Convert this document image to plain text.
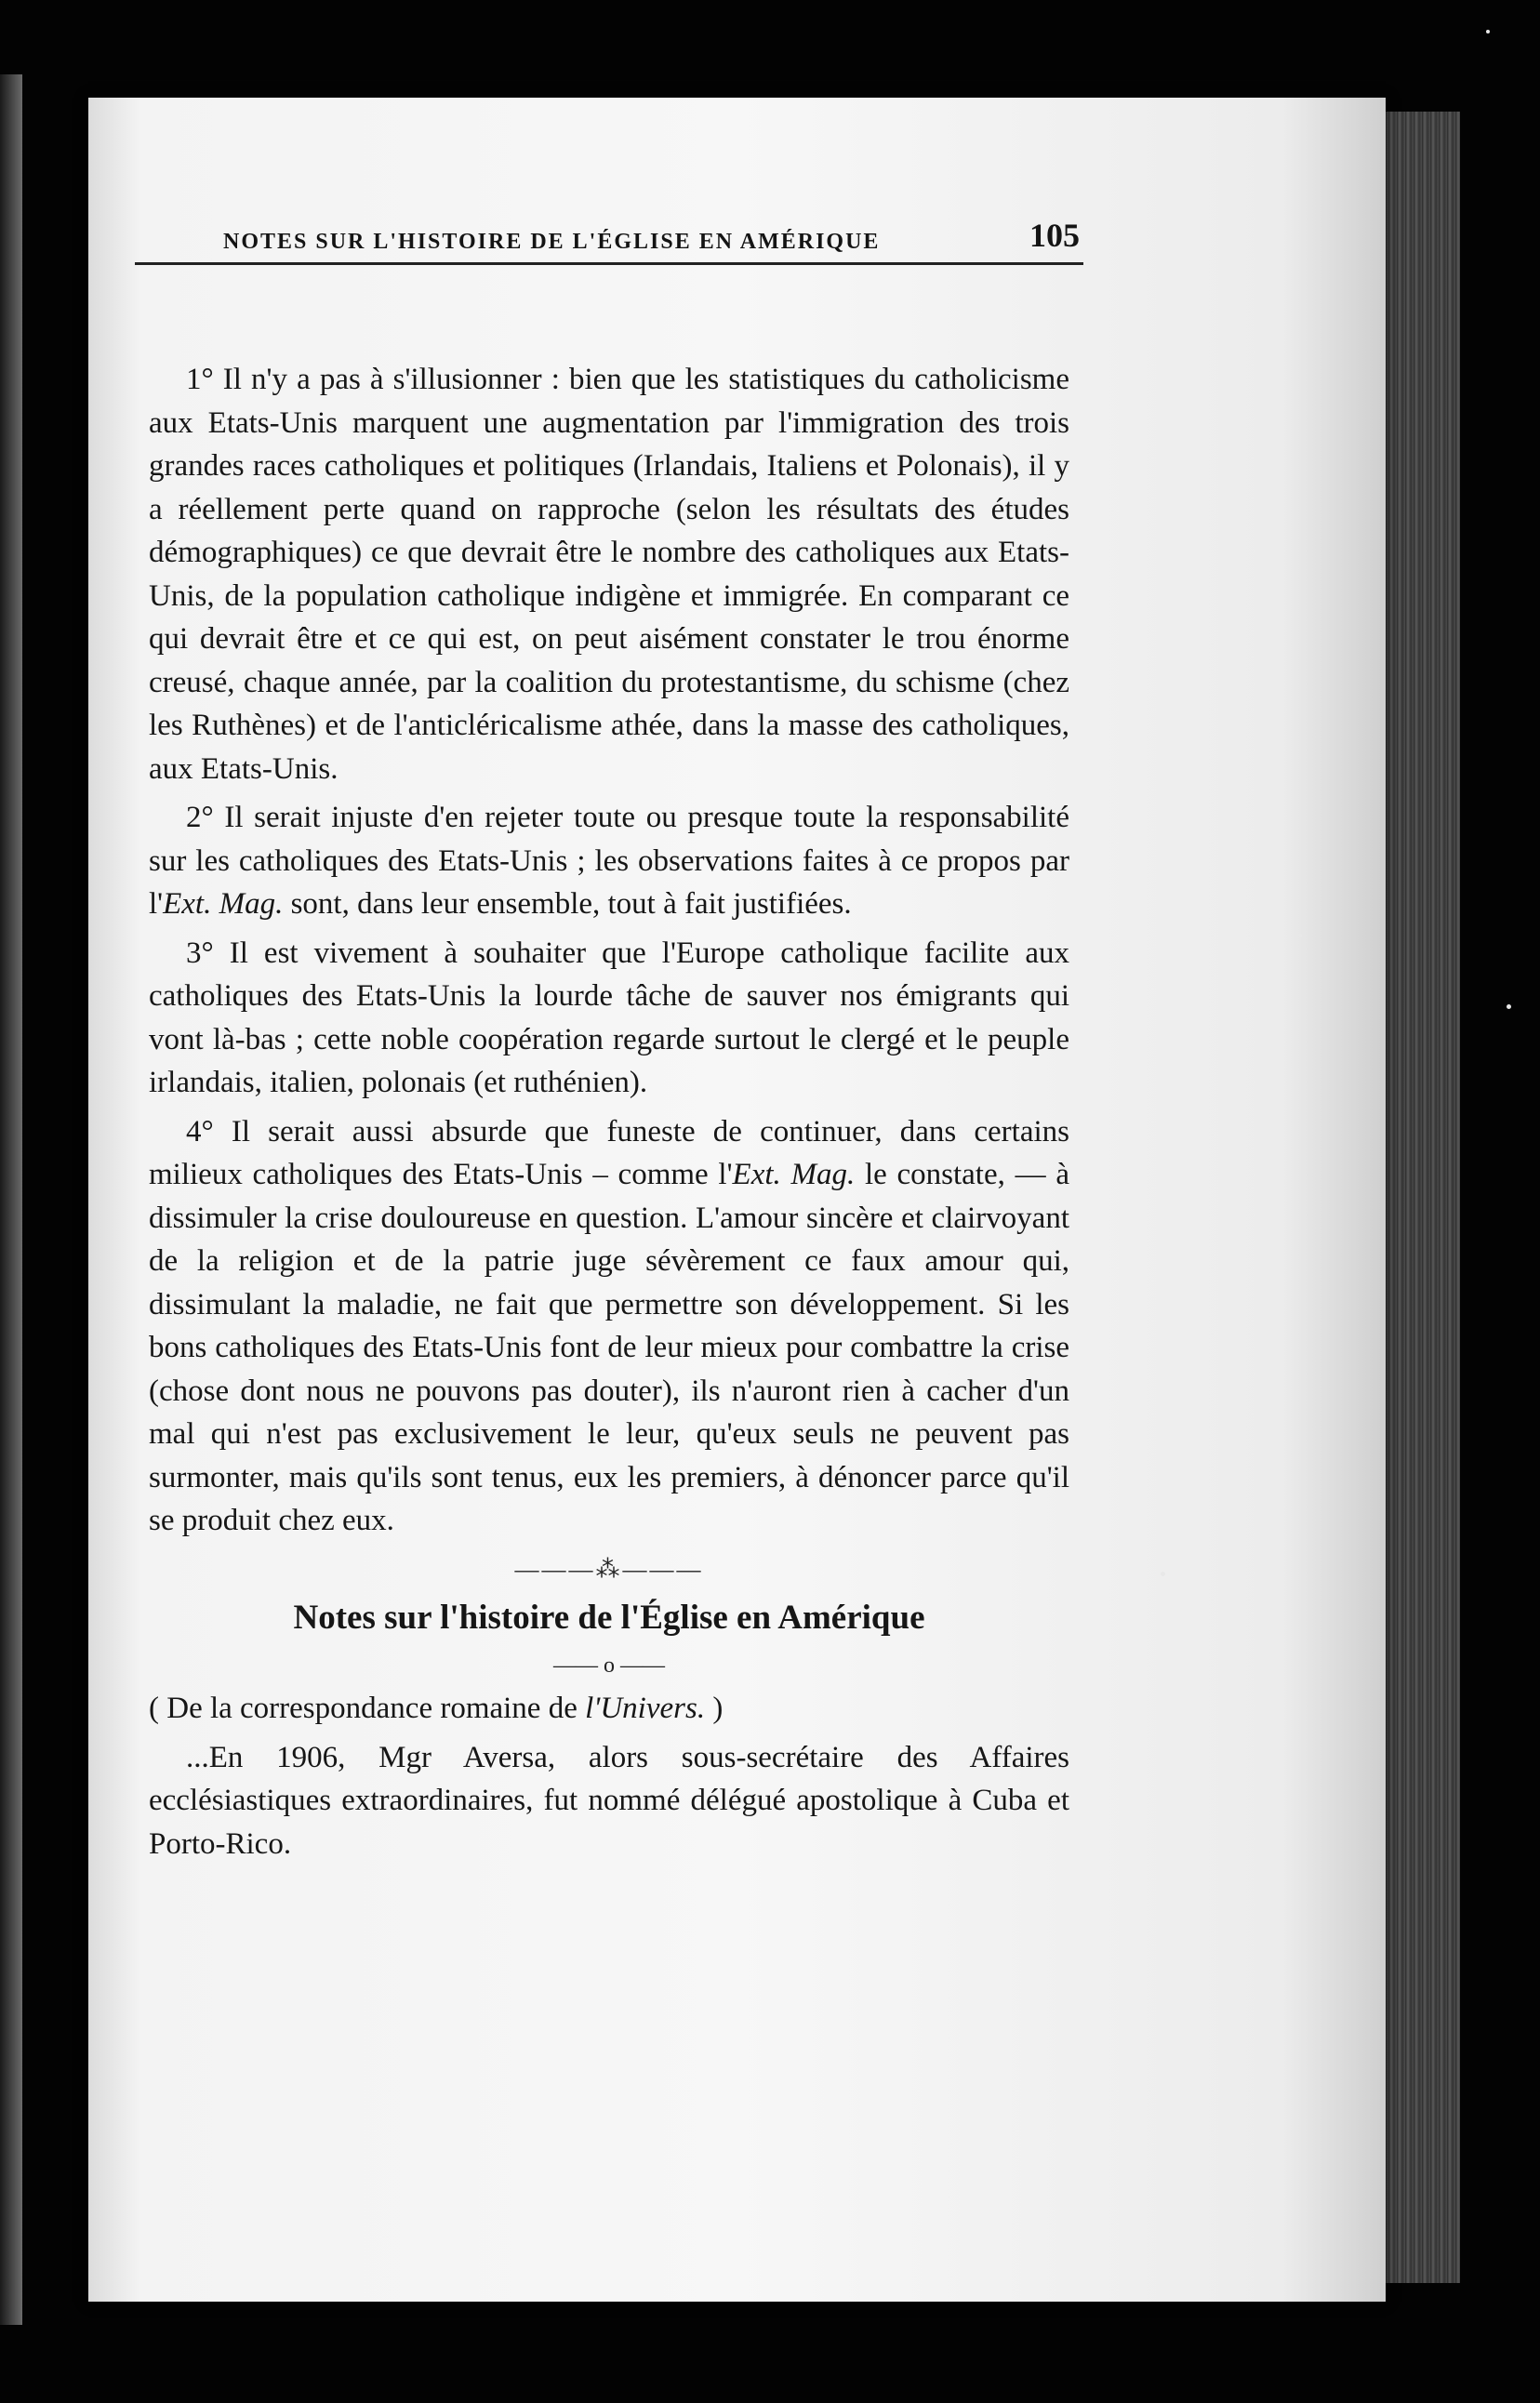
NOTES SUR L'HISTOIRE DE L'ÉGLISE EN AMÉRIQUE	105

1° Il n'y a pas à s'illusionner : bien que les statistiques du catholicisme aux Etats-Unis marquent une augmentation par l'immigration des trois grandes races catholiques et politiques (Irlandais, Italiens et Polonais), il y a réellement perte quand on rapproche (selon les résultats des études démographiques) ce que devrait être le nombre des catholiques aux Etats-Unis, de la population catholique indigène et immigrée. En comparant ce qui devrait être et ce qui est, on peut aisément constater le trou énorme creusé, chaque année, par la coalition du protestantisme, du schisme (chez les Ruthènes) et de l'anticléricalisme athée, dans la masse des catholiques, aux Etats-Unis.

2° Il serait injuste d'en rejeter toute ou presque toute la responsabilité sur les catholiques des Etats-Unis ; les observations faites à ce propos par l'Ext. Mag. sont, dans leur ensemble, tout à fait justifiées.

3° Il est vivement à souhaiter que l'Europe catholique facilite aux catholiques des Etats-Unis la lourde tâche de sauver nos émigrants qui vont là-bas ; cette noble coopération regarde surtout le clergé et le peuple irlandais, italien, polonais (et ruthénien).

4° Il serait aussi absurde que funeste de continuer, dans certains milieux catholiques des Etats-Unis – comme l'Ext. Mag. le constate, — à dissimuler la crise douloureuse en question. L'amour sincère et clairvoyant de la religion et de la patrie juge sévèrement ce faux amour qui, dissimulant la maladie, ne fait que permettre son développement. Si les bons catholiques des Etats-Unis font de leur mieux pour combattre la crise (chose dont nous ne pouvons pas douter), ils n'auront rien à cacher d'un mal qui n'est pas exclusivement le leur, qu'eux seuls ne peuvent pas surmonter, mais qu'ils sont tenus, eux les premiers, à dénoncer parce qu'il se produit chez eux.

———⁂———
Notes sur l'histoire de l'Église en Amérique
—— o ——

( De la correspondance romaine de l'Univers. )

...En 1906, Mgr Aversa, alors sous-secrétaire des Affaires ecclésiastiques extraordinaires, fut nommé délégué apostolique à Cuba et Porto-Rico.
